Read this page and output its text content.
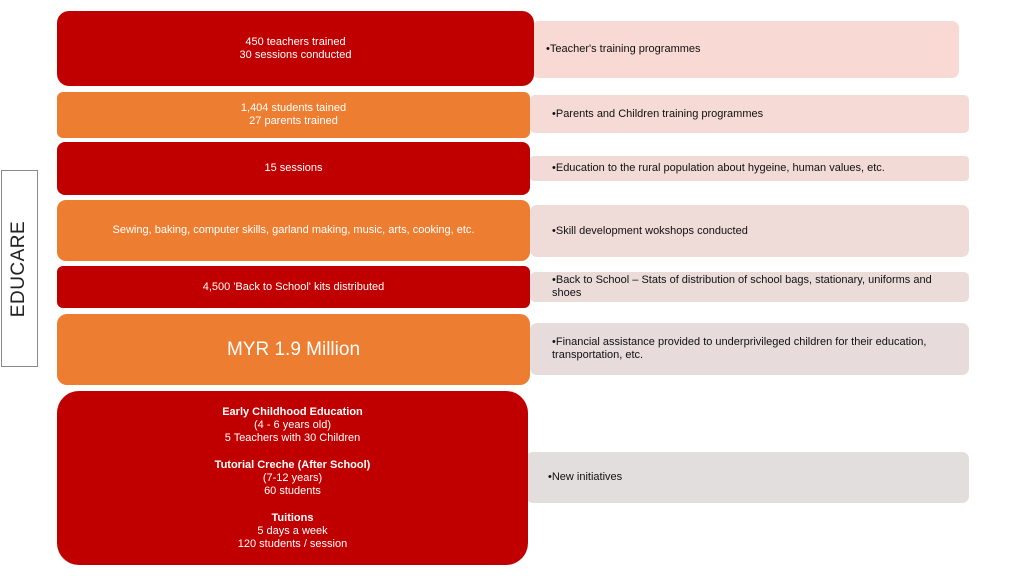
EDUCARE
•Teacher's training programmes
450 teachers trained
30 sessions conducted
•Parents and Children training programmes
1,404 students tained
27 parents trained
•Education to the rural population about hygeine, human values, etc.
15 sessions
•Skill development wokshops conducted
Sewing, baking, computer skills, garland making, music, arts, cooking, etc.
•Back to School – Stats of distribution of school bags, stationary, uniforms and shoes
4,500 'Back to School' kits distributed
•Financial assistance provided to underprivileged children for their education, transportation, etc.
MYR 1.9 Million
•New initiatives
Early Childhood Education
(4 - 6 years old)
5 Teachers with 30 Children
Tutorial Creche (After School)
(7-12 years)
60 students
Tuitions
5 days a week
120 students / session
